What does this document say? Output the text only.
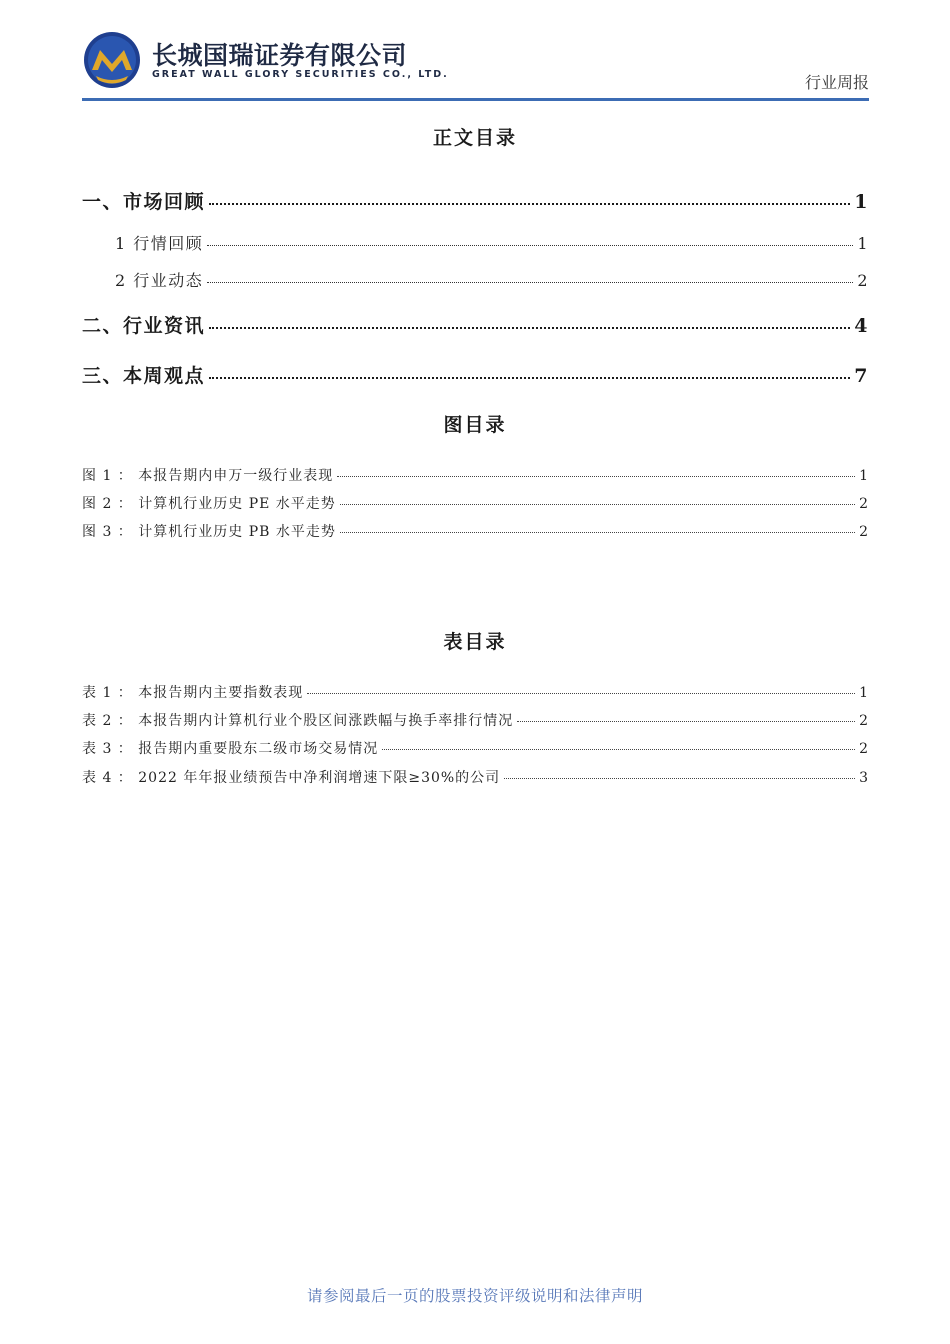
长城国瑞证券有限公司
GREAT WALL GLORY SECURITIES CO., LTD.	行业周报
正文目录
一、市场回顾	1
1 行情回顾	1
2 行业动态	2
二、行业资讯	4
三、本周观点	7
图目录
图 1 ： 本报告期内申万一级行业表现	1
图 2 ： 计算机行业历史 PE 水平走势	2
图 3 ： 计算机行业历史 PB 水平走势	2
表目录
表 1 ： 本报告期内主要指数表现	1
表 2 ： 本报告期内计算机行业个股区间涨跌幅与换手率排行情况	2
表 3 ： 报告期内重要股东二级市场交易情况	2
表 4 ： 2022 年年报业绩预告中净利润增速下限≥30%的公司	3
请参阅最后一页的股票投资评级说明和法律声明
